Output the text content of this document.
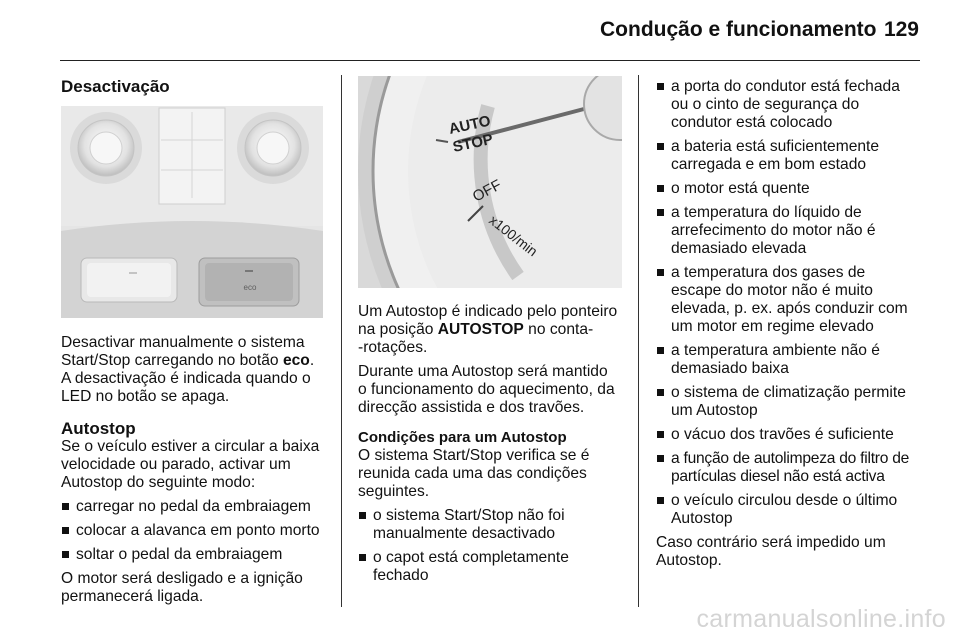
Condução e funcionamento 129
Desactivação
eco

Desactivar manualmente o sistema
Start/Stop carregando no botão eco.
A desactivação é indicada quando o
LED no botão se apaga.

Autostop

Se o veículo estiver a circular a baixa
velocidade ou parado, activar um
Autostop do seguinte modo:

carregar no pedal da embraiagem
colocar a alavanca em ponto morto
soltar o pedal da embraiagem

O motor será desligado e a ignição
permanecerá ligada.

AUTO
STOP
OFF
x100/min

Um Autostop é indicado pelo ponteiro
na posição AUTOSTOP no conta-
-rotações.

Durante uma Autostop será mantido
o funcionamento do aquecimento, da
direcção assistida e dos travões.

Condições para um Autostop

O sistema Start/Stop verifica se é
reunida cada uma das condições
seguintes.

o sistema Start/Stop não foi
manualmente desactivado
o capot está completamente
fechado
a porta do condutor está fechada
ou o cinto de segurança do
condutor está colocado
a bateria está suficientemente
carregada e em bom estado
o motor está quente
a temperatura do líquido de
arrefecimento do motor não é
demasiado elevada
a temperatura dos gases de
escape do motor não é muito
elevada, p. ex. após conduzir com
um motor em regime elevado
a temperatura ambiente não é
demasiado baixa
o sistema de climatização permite
um Autostop
o vácuo dos travões é suficiente
a função de autolimpeza do filtro de
partículas diesel não está activa
o veículo circulou desde o último
Autostop

Caso contrário será impedido um
Autostop.

carmanualsonline.info
